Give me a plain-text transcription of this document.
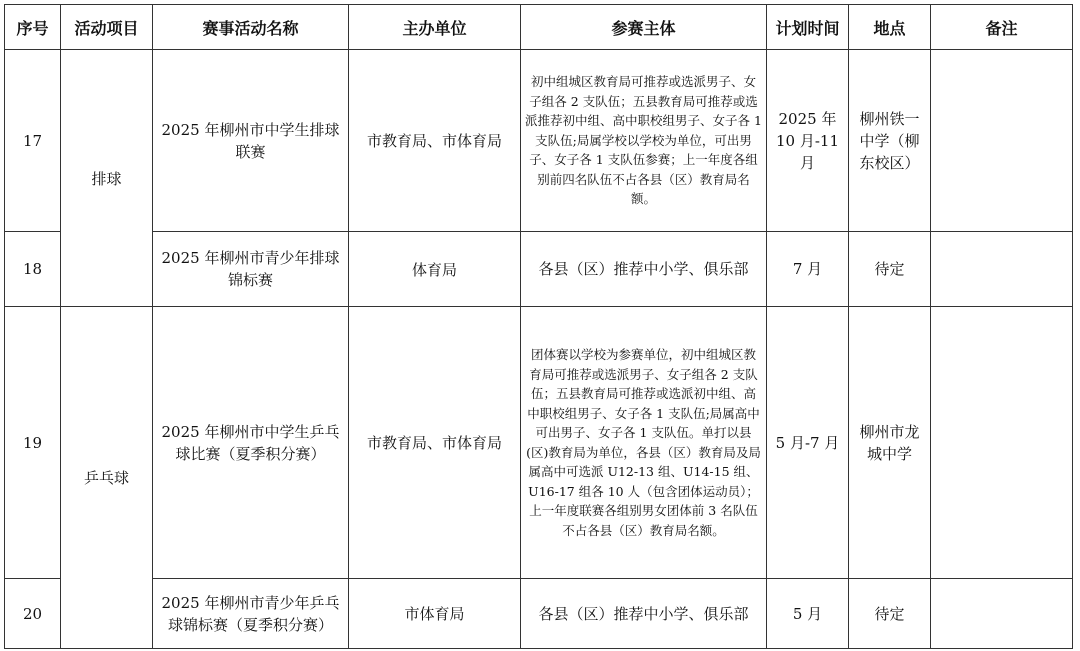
序号	活动项目	赛事活动名称	主办单位	参赛主体	计划时间	地点	备注
17	排球	2025 年柳州市中学生排球联赛	市教育局、市体育局	初中组城区教育局可推荐或选派男子、女子组各 2 支队伍；五县教育局可推荐或选派推荐初中组、高中职校组男子、女子各 1 支队伍;局属学校以学校为单位，可出男子、女子各 1 支队伍参赛；上一年度各组别前四名队伍不占各县（区）教育局名额。	2025 年 10 月-11 月	柳州铁一中学（柳东校区）	
18		2025 年柳州市青少年排球锦标赛	体育局	各县（区）推荐中小学、俱乐部	7 月	待定	
19	乒乓球	2025 年柳州市中学生乒乓球比赛（夏季积分赛）	市教育局、市体育局	团体赛以学校为参赛单位，初中组城区教育局可推荐或选派男子、女子组各 2 支队伍；五县教育局可推荐或选派初中组、高中职校组男子、女子各 1 支队伍;局属高中可出男子、女子各 1 支队伍。单打以县(区)教育局为单位，各县（区）教育局及局属高中可选派 U12-13 组、U14-15 组、U16-17 组各 10 人（包含团体运动员）；上一年度联赛各组别男女团体前 3 名队伍不占各县（区）教育局名额。	5 月-7 月	柳州市龙城中学	
20		2025 年柳州市青少年乒乓球锦标赛（夏季积分赛）	市体育局	各县（区）推荐中小学、俱乐部	5 月	待定	
